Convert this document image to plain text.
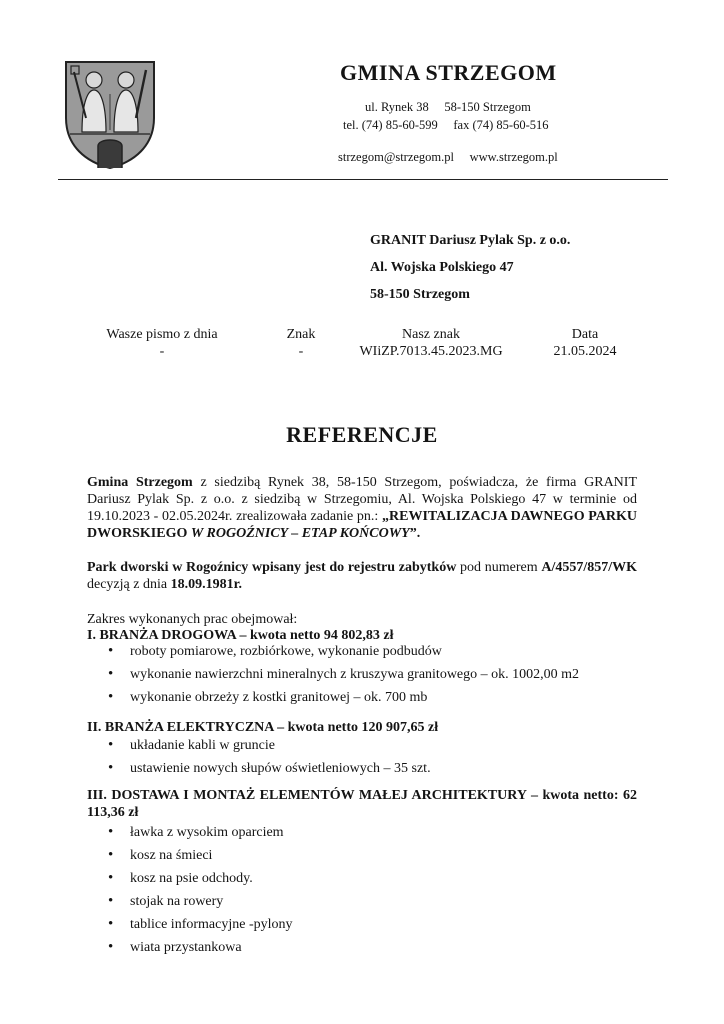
GMINA STRZEGOM
ul. Rynek 38     58-150 Strzegom
tel. (74) 85-60-599     fax (74) 85-60-516
strzegom@strzegom.pl     www.strzegom.pl
GRANIT Dariusz Pylak Sp. z o.o.
Al. Wojska Polskiego 47
58-150 Strzegom
Wasze pismo z dnia
-
Znak
-
Nasz znak
WIiZP.7013.45.2023.MG
Data
21.05.2024
REFERENCJE
Gmina Strzegom z siedzibą Rynek 38, 58-150 Strzegom, poświadcza, że firma GRANIT Dariusz Pylak Sp. z o.o. z siedzibą w Strzegomiu, Al. Wojska Polskiego 47 w terminie od 19.10.2023 - 02.05.2024r. zrealizowała zadanie pn.: „REWITALIZACJA DAWNEGO PARKU DWORSKIEGO W ROGOŹNICY – ETAP KOŃCOWY”.
Park dworski w Rogoźnicy wpisany jest do rejestru zabytków pod numerem A/4557/857/WK decyzją z dnia 18.09.1981r.
Zakres wykonanych prac obejmował:
I. BRANŻA DROGOWA – kwota netto 94 802,83 zł
• roboty pomiarowe, rozbiórkowe, wykonanie podbudów
• wykonanie nawierzchni mineralnych z kruszywa granitowego – ok. 1002,00 m2
• wykonanie obrzeży z kostki granitowej – ok. 700 mb
II. BRANŻA ELEKTRYCZNA – kwota netto 120 907,65 zł
• układanie kabli w gruncie
• ustawienie nowych słupów oświetleniowych – 35 szt.
III. DOSTAWA I MONTAŻ ELEMENTÓW MAŁEJ ARCHITEKTURY – kwota netto: 62 113,36 zł
• ławka z wysokim oparciem
• kosz na śmieci
• kosz na psie odchody.
• stojak na rowery
• tablice informacyjne -pylony
• wiata przystankowa
